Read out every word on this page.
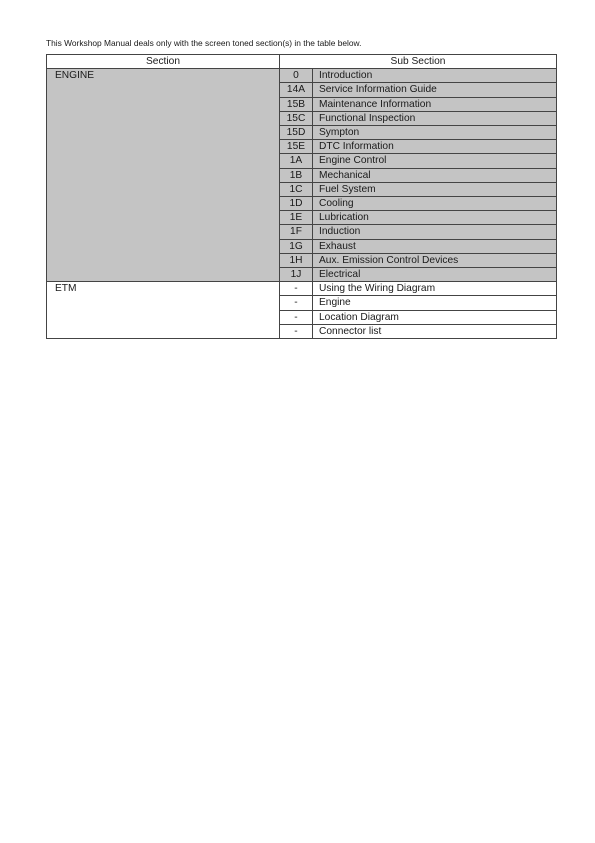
This Workshop Manual deals only with the screen toned section(s) in the table below.
Section	Sub Section	
ENGINE	0	Introduction
	14A	Service Information Guide
	15B	Maintenance Information
	15C	Functional Inspection
	15D	Sympton
	15E	DTC Information
	1A	Engine Control
	1B	Mechanical
	1C	Fuel System
	1D	Cooling
	1E	Lubrication
	1F	Induction
	1G	Exhaust
	1H	Aux. Emission Control Devices
	1J	Electrical
ETM	-	Using the Wiring Diagram
	-	Engine
	-	Location Diagram
	-	Connector list
